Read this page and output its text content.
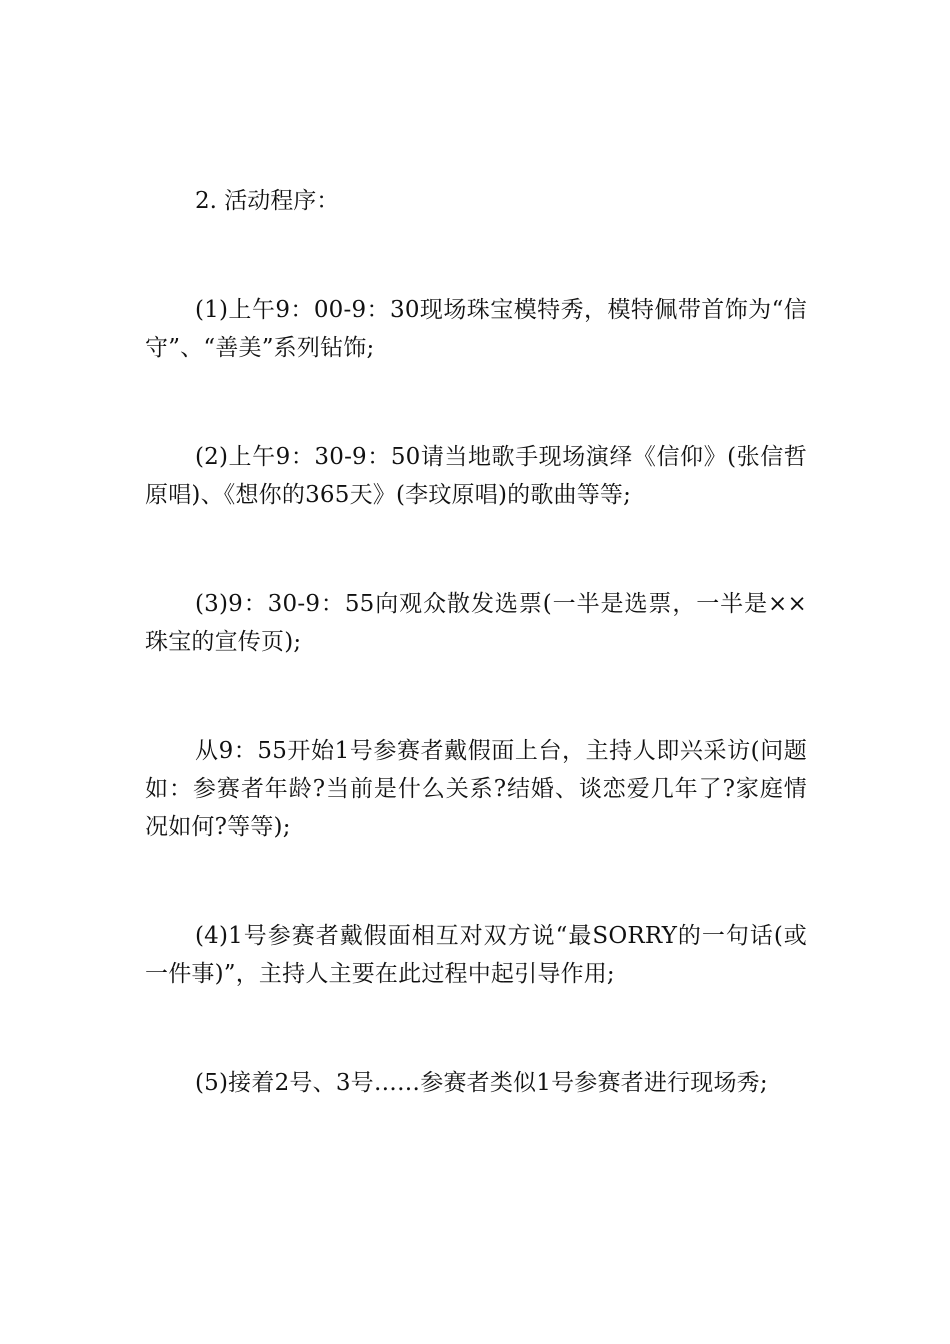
2. 活动程序：

(1)上午9：00-9：30现场珠宝模特秀，模特佩带首饰为“信守”、“善美”系列钻饰;

(2)上午9：30-9：50请当地歌手现场演绎《信仰》(张信哲原唱)、《想你的365天》(李玟原唱)的歌曲等等;

(3)9：30-9：55向观众散发选票(一半是选票，一半是××珠宝的宣传页);

从9：55开始1号参赛者戴假面上台，主持人即兴采访(问题如：参赛者年龄?当前是什么关系?结婚、谈恋爱几年了?家庭情况如何?等等);

(4)1号参赛者戴假面相互对双方说“最SORRY的一句话(或一件事)”，主持人主要在此过程中起引导作用;

(5)接着2号、3号……参赛者类似1号参赛者进行现场秀;
